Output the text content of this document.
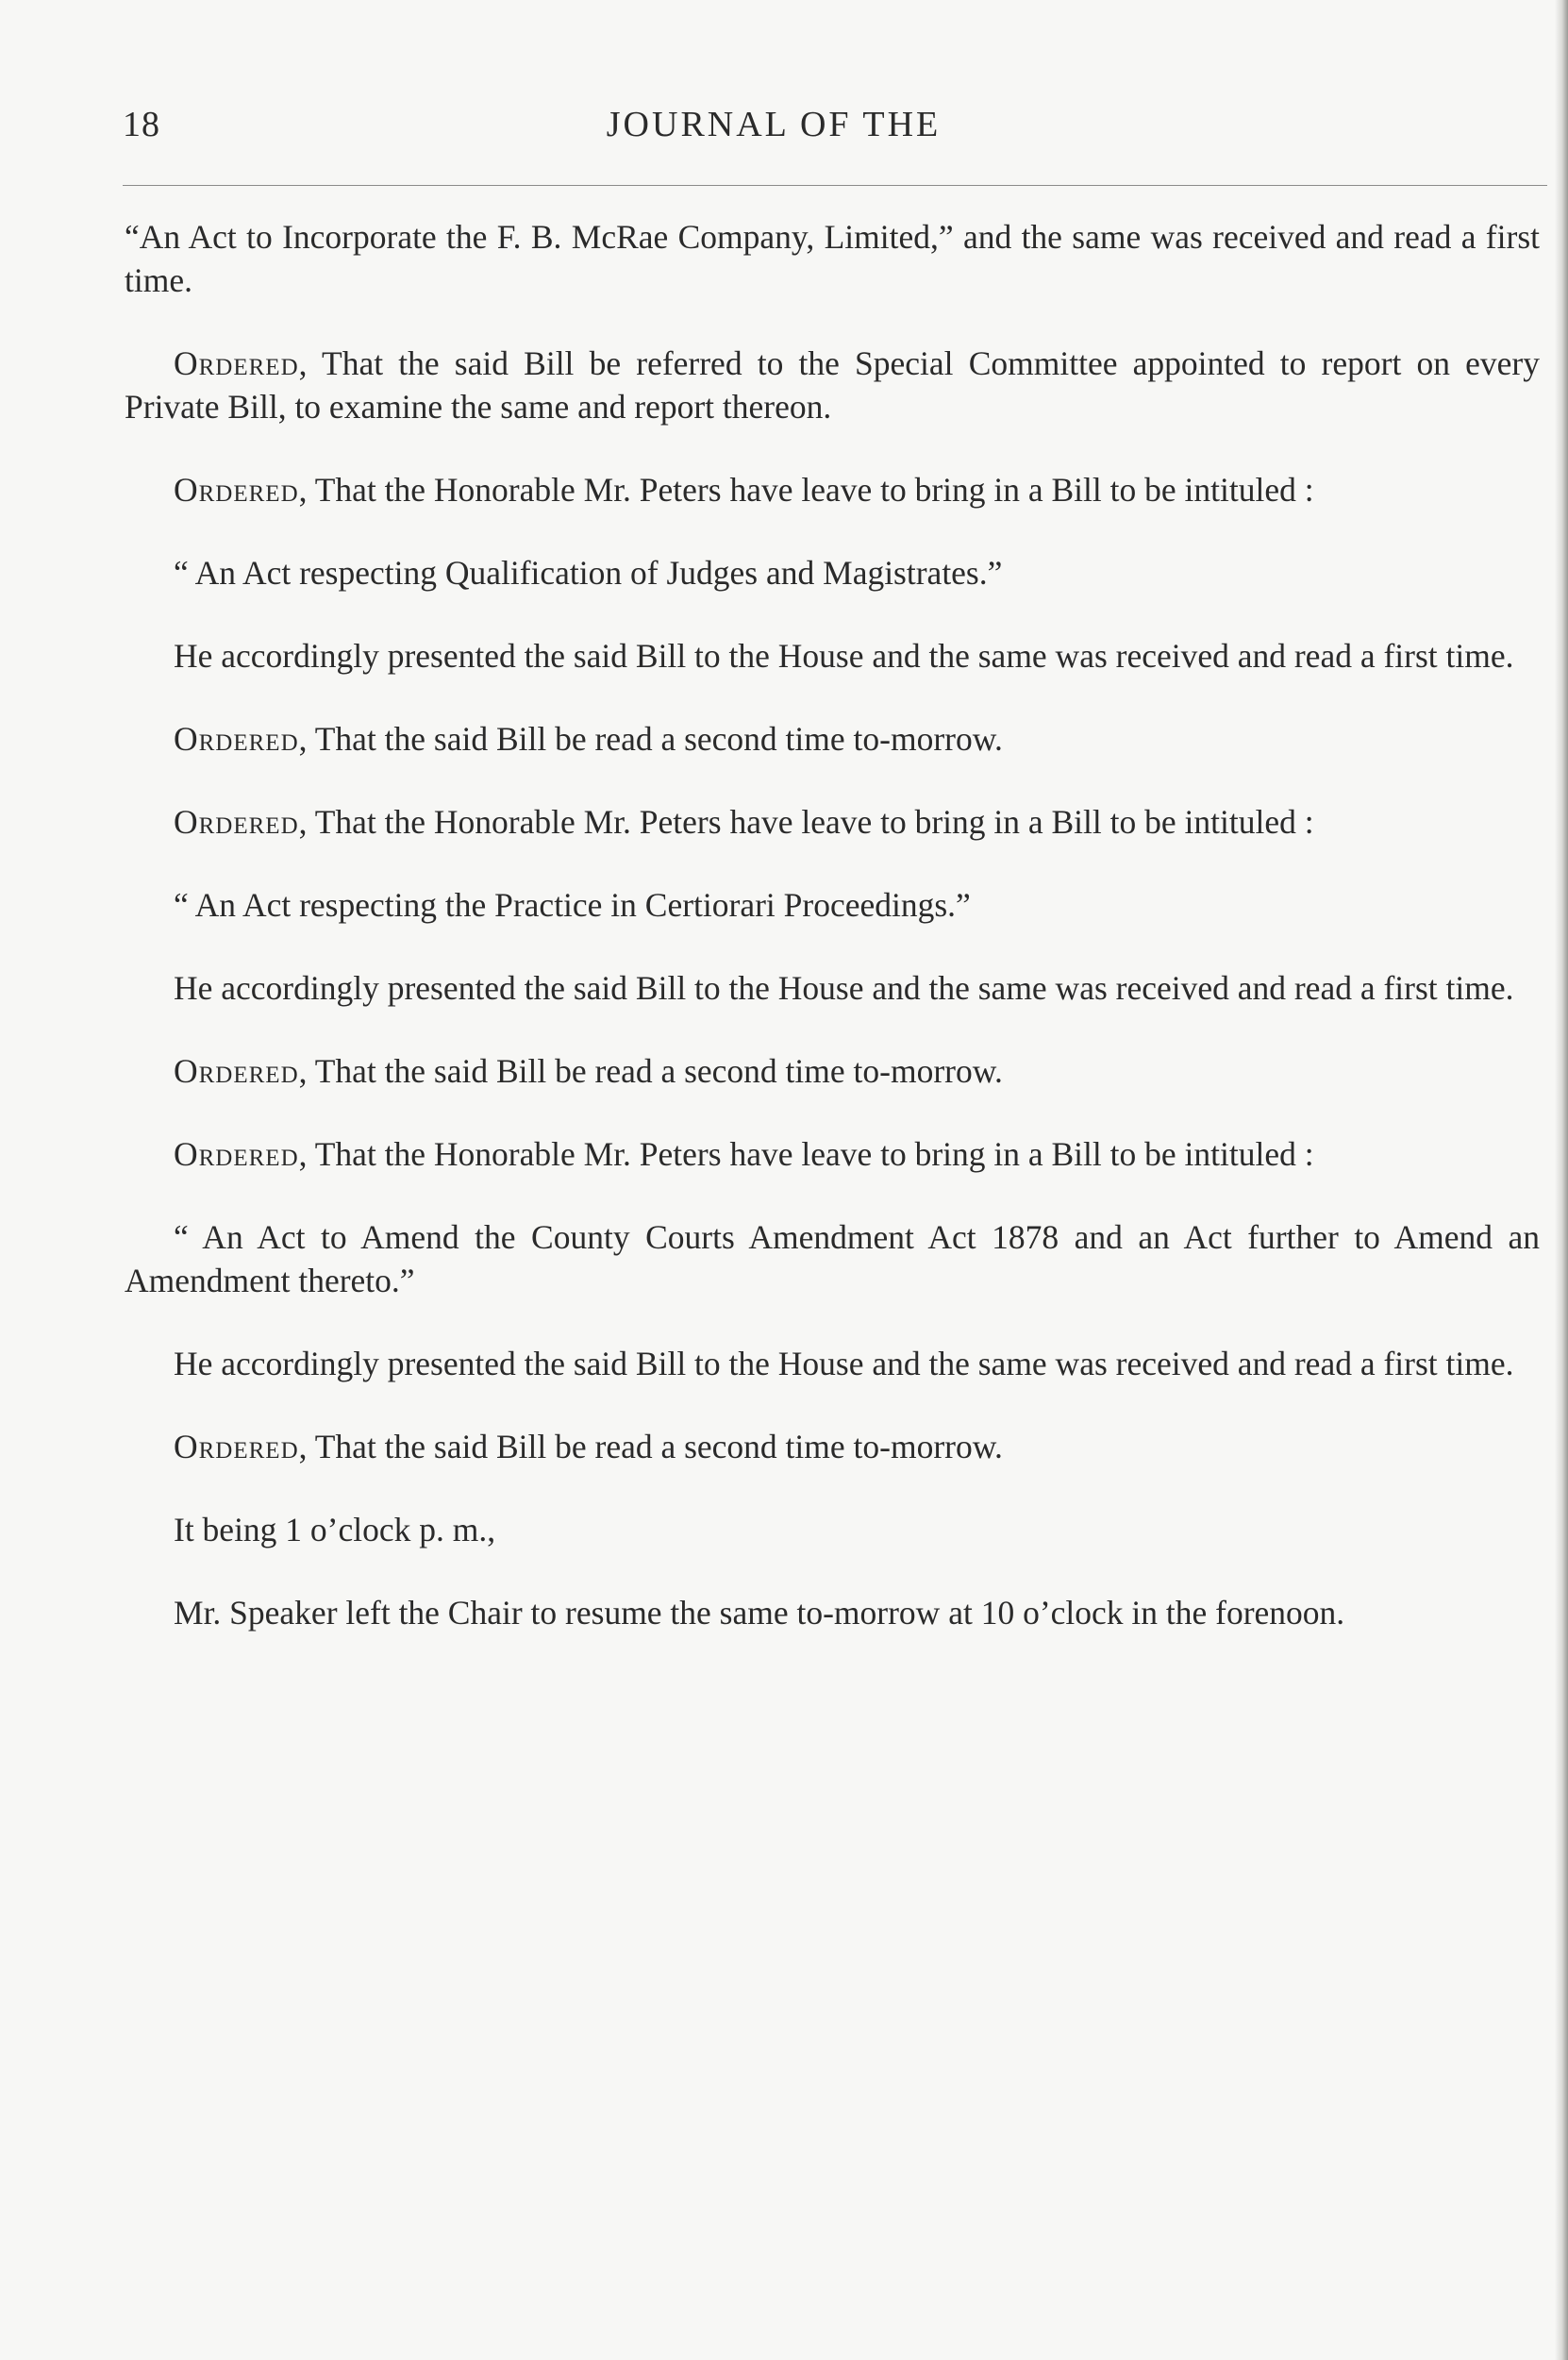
18	JOURNAL OF THE

“An Act to Incorporate the F. B. McRae Company, Limited,” and the same was received and read a first time.

Ordered, That the said Bill be referred to the Special Committee appointed to report on every Private Bill, to examine the same and report thereon.

Ordered, That the Honorable Mr. Peters have leave to bring in a Bill to be intituled :

“ An Act respecting Qualification of Judges and Magistrates.”

He accordingly presented the said Bill to the House and the same was received and read a first time.

Ordered, That the said Bill be read a second time to-morrow.

Ordered, That the Honorable Mr. Peters have leave to bring in a Bill to be intituled :

“ An Act respecting the Practice in Certiorari Proceedings.”

He accordingly presented the said Bill to the House and the same was received and read a first time.

Ordered, That the said Bill be read a second time to-morrow.

Ordered, That the Honorable Mr. Peters have leave to bring in a Bill to be intituled :

“ An Act to Amend the County Courts Amendment Act 1878 and an Act further to Amend an Amendment thereto.”

He accordingly presented the said Bill to the House and the same was received and read a first time.

Ordered, That the said Bill be read a second time to-morrow.

It being 1 o’clock p. m.,

Mr. Speaker left the Chair to resume the same to-morrow at 10 o’clock in the forenoon.
